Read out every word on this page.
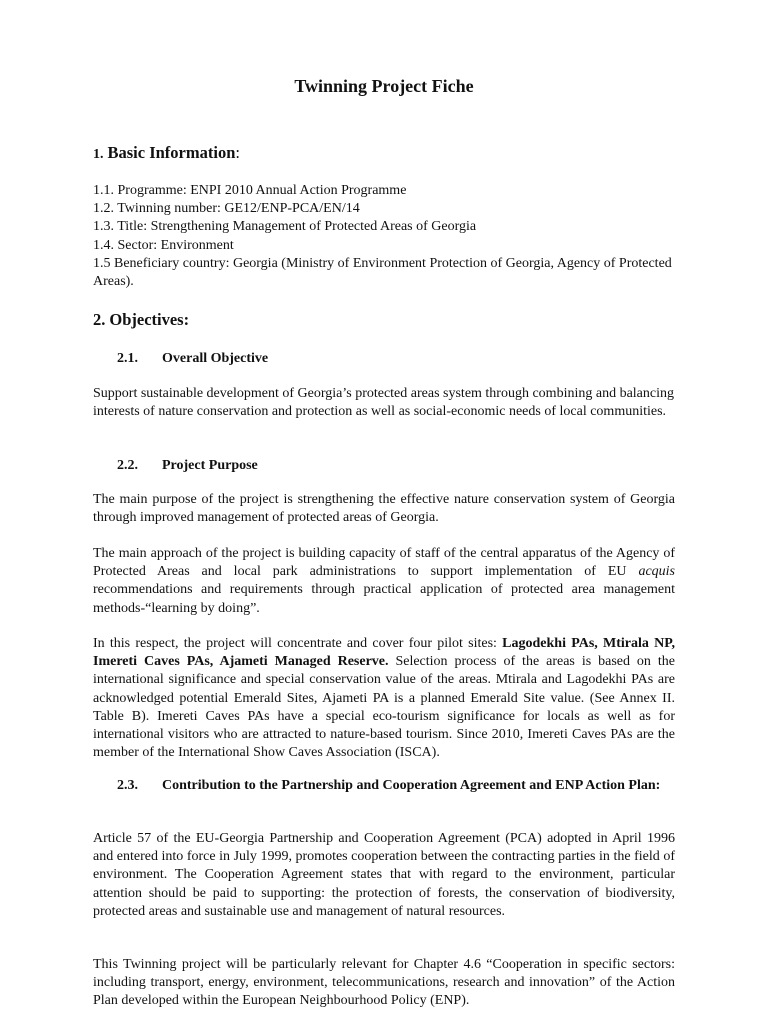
Twinning Project Fiche
1. Basic Information:
1.1. Programme: ENPI 2010 Annual Action Programme
1.2. Twinning number: GE12/ENP-PCA/EN/14
1.3. Title: Strengthening Management of Protected Areas of Georgia
1.4. Sector: Environment
1.5 Beneficiary country: Georgia (Ministry of Environment Protection of Georgia, Agency of Protected Areas).
2. Objectives:
2.1. Overall Objective

Support sustainable development of Georgia’s protected areas system through combining and balancing interests of nature conservation and protection as well as social-economic needs of local communities.

2.2. Project Purpose

The main purpose of the project is strengthening the effective nature conservation system of Georgia through improved management of protected areas of Georgia.

The main approach of the project is building capacity of staff of the central apparatus of the Agency of Protected Areas and local park administrations to support implementation of EU acquis recommendations and requirements through practical application of protected area management methods-“learning by doing”.

In this respect, the project will concentrate and cover four pilot sites: Lagodekhi PAs, Mtirala NP, Imereti Caves PAs, Ajameti Managed Reserve. Selection process of the areas is based on the international significance and special conservation value of the areas. Mtirala and Lagodekhi PAs are acknowledged potential Emerald Sites, Ajameti PA is a planned Emerald Site value. (See Annex II. Table B). Imereti Caves PAs have a special eco-tourism significance for locals as well as for international visitors who are attracted to nature-based tourism. Since 2010, Imereti Caves PAs are the member of the International Show Caves Association (ISCA).

2.3.	Contribution to the Partnership and Cooperation Agreement and ENP Action Plan:

Article 57 of the EU-Georgia Partnership and Cooperation Agreement (PCA) adopted in April 1996 and entered into force in July 1999, promotes cooperation between the contracting parties in the field of environment. The Cooperation Agreement states that with regard to the environment, particular attention should be paid to supporting: the protection of forests, the conservation of biodiversity, protected areas and sustainable use and management of natural resources.

This Twinning project will be particularly relevant for Chapter 4.6 “Cooperation in specific sectors: including transport, energy, environment, telecommunications, research and innovation” of the Action Plan developed within the European Neighbourhood Policy (ENP).
